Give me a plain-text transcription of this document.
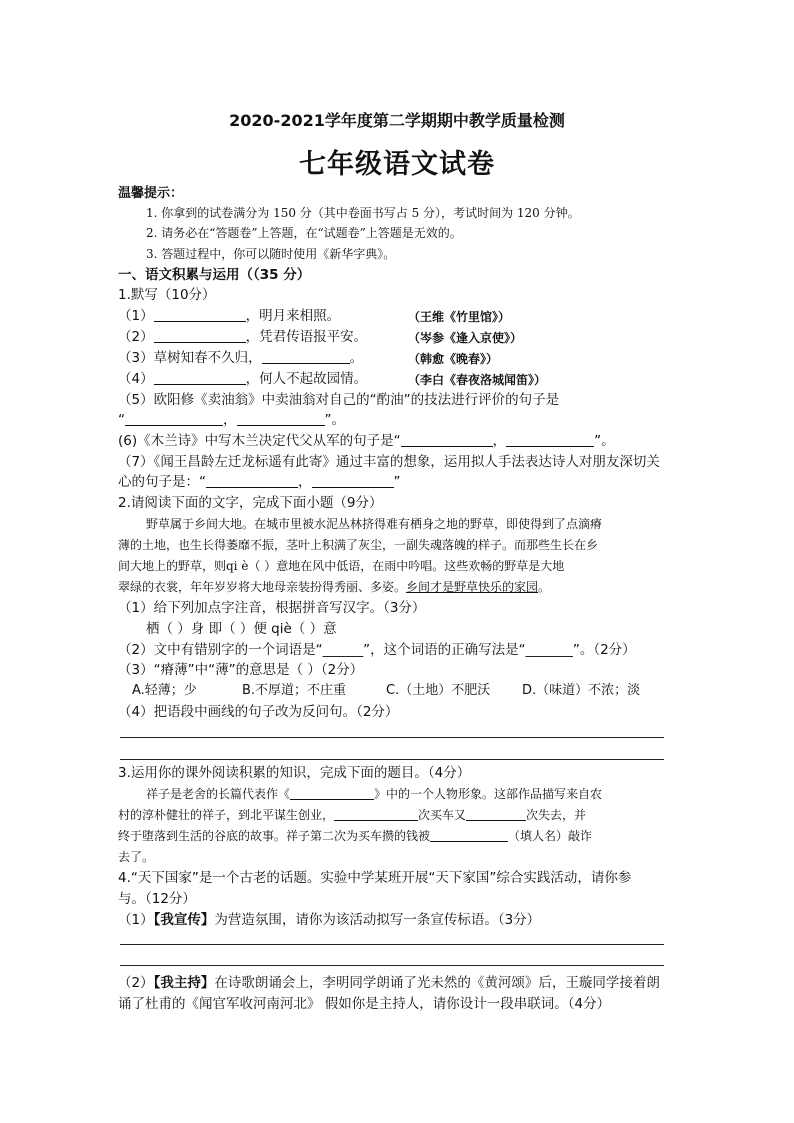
2020-2021学年度第二学期期中教学质量检测
七年级语文试卷
温馨提示：
1. 你拿到的试卷满分为 150 分（其中卷面书写占 5 分），考试时间为 120 分钟。
2. 请务必在“答题卷”上答题，在“试题卷”上答题是无效的。
3. 答题过程中，你可以随时使用《新华字典》。
一、语文积累与运用（（35 分）
1.默写（10分）
（1）	，明月来相照。	（王维《竹里馆》）
（2）	，凭君传语报平安。	（岑参《逢入京使》）
（3）草树知春不久归，	。	（韩愈《晚春》）
（4）	，何人不起故园情。	（李白《春夜洛城闻笛》）
（5）欧阳修《卖油翁》中卖油翁对自己的“酌油”的技法进行评价的句子是
“	，	”。
(6)《木兰诗》中写木兰决定代父从军的句子是“	，	”。
（7）《闻王昌龄左迁龙标遥有此寄》通过丰富的想象，运用拟人手法表达诗人对朋友深切关
心的句子是：“	，	”
2.请阅读下面的文字，完成下面小题（9分）
野草属于乡间大地。在城市里被水泥丛林挤得难有栖身之地的野草，即使得到了点滴瘠
薄的土地，也生长得萎靡不振，茎叶上积满了灰尘，一副失魂落魄的样子。而那些生长在乡
间大地上的野草，则qi è（ ）意地在风中低语，在雨中吟唱。这些欢畅的野草是大地
翠绿的衣裳，年年岁岁将大地母亲装扮得秀丽、多姿。乡间才是野草快乐的家园。
（1）给下列加点字注音，根据拼音写汉字。（3分）
栖（ ）身 即（ ）便 qiè（ ）意
（2）文中有错别字的一个词语是“______”，这个词语的正确写法是“_______”。（2分）
（3）“瘠薄”中“薄”的意思是（ ）（2分）
A.轻薄；少	B.不厚道；不庄重	C.（土地）不肥沃 D.（味道）不浓；淡
（4）把语段中画线的句子改为反问句。（2分）
3.运用你的课外阅读积累的知识，完成下面的题目。（4分）
祥子是老舍的长篇代表作《	》中的一个人物形象。这部作品描写来自农
村的淳朴健壮的祥子，到北平谋生创业，	次买车又	次失去，并
终于堕落到生活的谷底的故事。祥子第二次为买车攒的钱被	（填人名）敲诈
去了。
4.“天下国家”是一个古老的话题。实验中学某班开展“天下家国”综合实践活动，请你参
与。（12分）
（1）【我宣传】为营造氛围，请你为该活动拟写一条宣传标语。（3分）
（2）【我主持】在诗歌朗诵会上，李明同学朗诵了光未然的《黄河颂》后，王璇同学接着朗
诵了杜甫的《闻官军收河南河北》 假如你是主持人，请你设计一段串联词。（4分）
